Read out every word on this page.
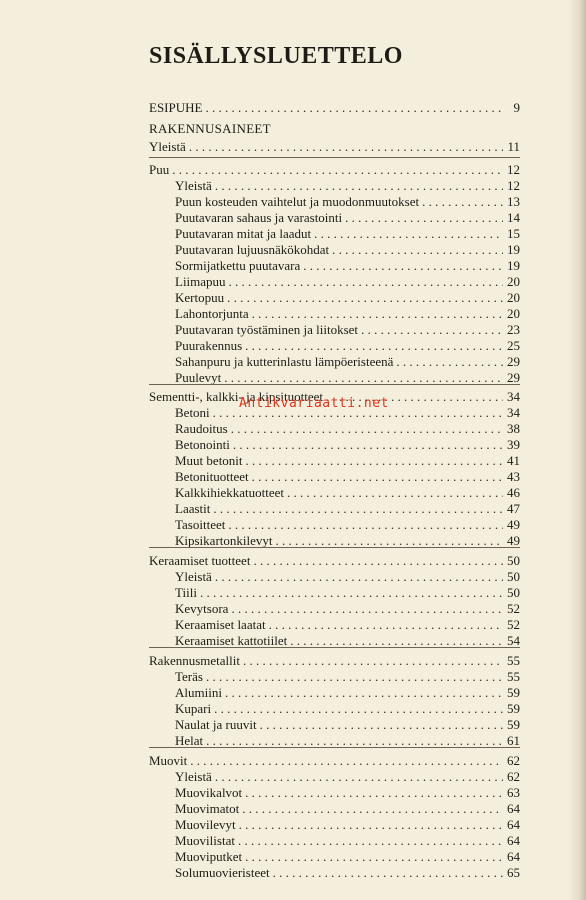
SISÄLLYSLUETTELO
ESIPUHE . . .	9
RAKENNUSAINEET
Yleistä . . .	11
Puu . . .	12
Yleistä . . .	12
Puun kosteuden vaihtelut ja muodonmuutokset . . .	13
Puutavaran sahaus ja varastointi . . .	14
Puutavaran mitat ja laadut . . .	15
Puutavaran lujuusnäkökohdat . . .	19
Sormijatkettu puutavara . . .	19
Liimapuu . . .	20
Kertopuu . . .	20
Lahontorjunta . . .	20
Puutavaran työstäminen ja liitokset . . .	23
Puurakennus . . .	25
Sahanpuru ja kutterinlastu lämpöeristeenä . . .	29
Puulevyt . . .	29
Sementti-, kalkki- ja kipsituotteet . . .	34
Betoni . . .	34
Raudoitus . . .	38
Betonointi . . .	39
Muut betonit . . .	41
Betonituotteet . . .	43
Kalkkihiekkatuotteet . . .	46
Laastit . . .	47
Tasoitteet . . .	49
Kipsikartonkilevyt . . .	49
Keraamiset tuotteet . . .	50
Yleistä . . .	50
Tiili . . .	50
Kevytsora . . .	52
Keraamiset laatat . . .	52
Keraamiset kattotiilet . . .	54
Rakennusmetallit . . .	55
Teräs . . .	55
Alumiini . . .	59
Kupari . . .	59
Naulat ja ruuvit . . .	59
Helat . . .	61
Muovit . . .	62
Yleistä . . .	62
Muovikalvot . . .	63
Muovimatot . . .	64
Muovilevyt . . .	64
Muovilistat . . .	64
Muoviputket . . .	64
Solumuovieristeet . . .	65
Antikvariaatti.net
